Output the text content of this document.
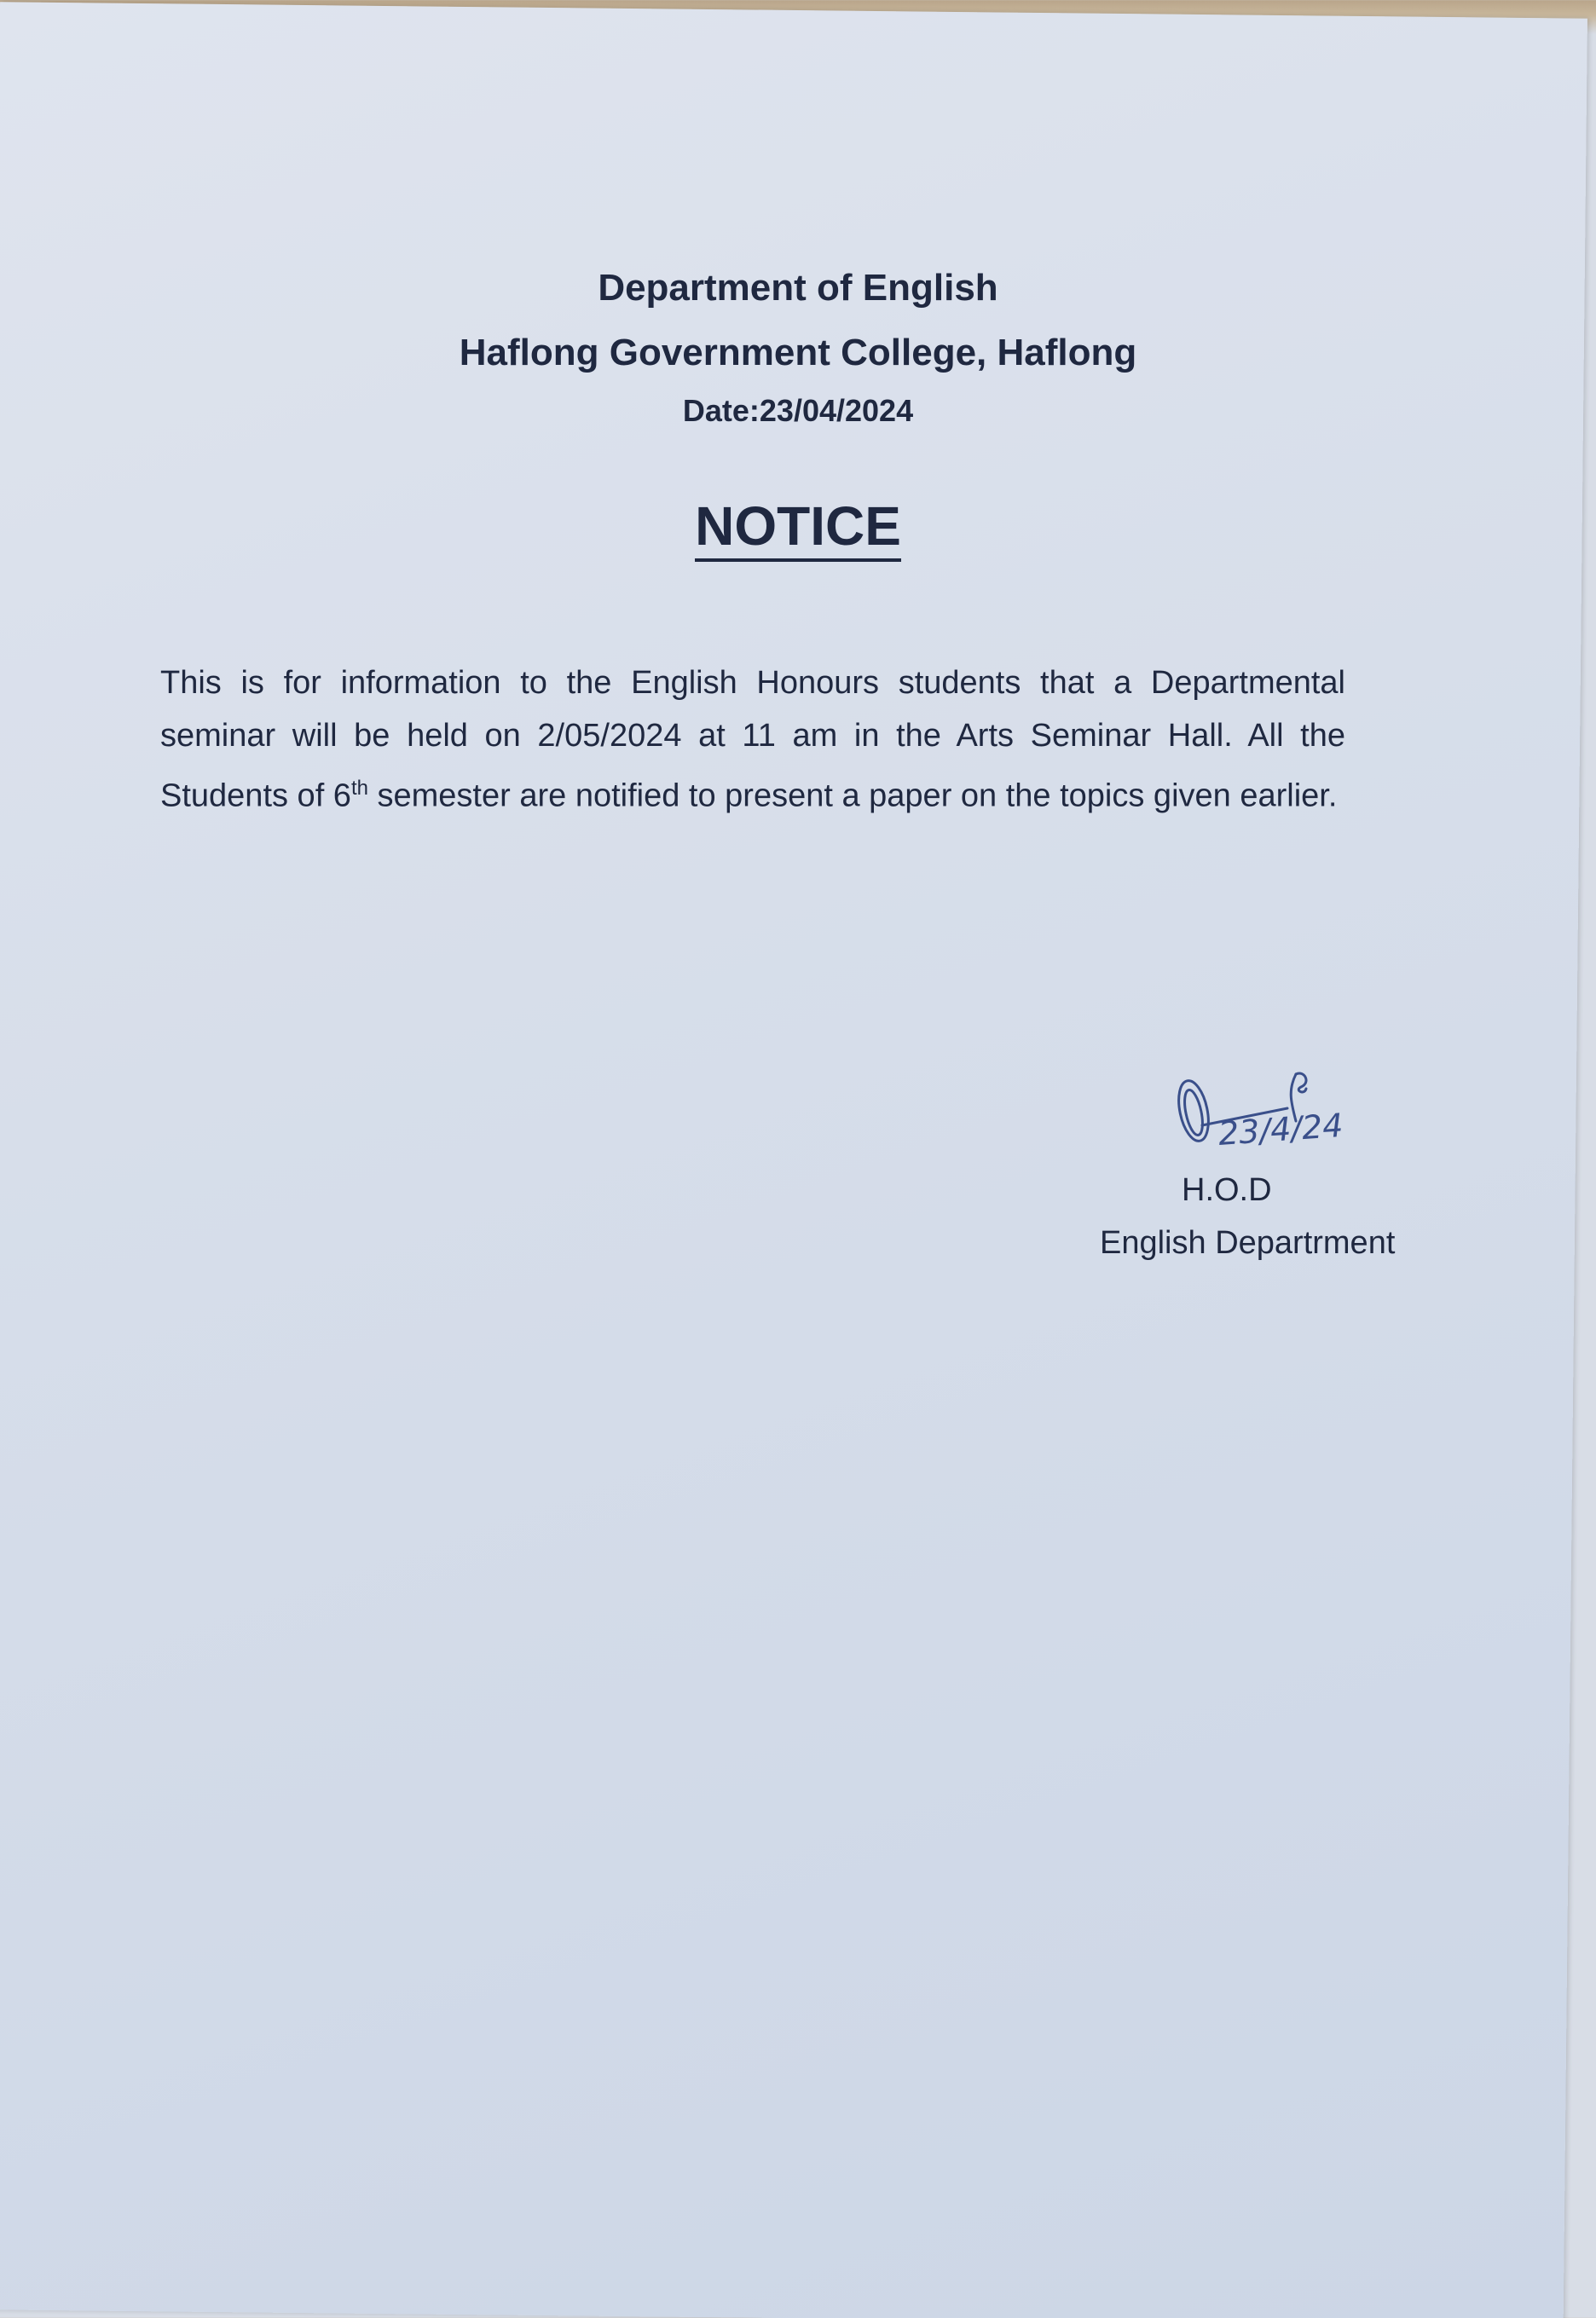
Department of English
Haflong Government College, Haflong
Date:23/04/2024
NOTICE
This is for information to the English Honours students that a Departmental seminar will be held on 2/05/2024 at 11 am in the Arts Seminar Hall. All the Students of 6th semester are notified to present a paper on the topics given earlier.
23/4/24
H.O.D
English Departrment
